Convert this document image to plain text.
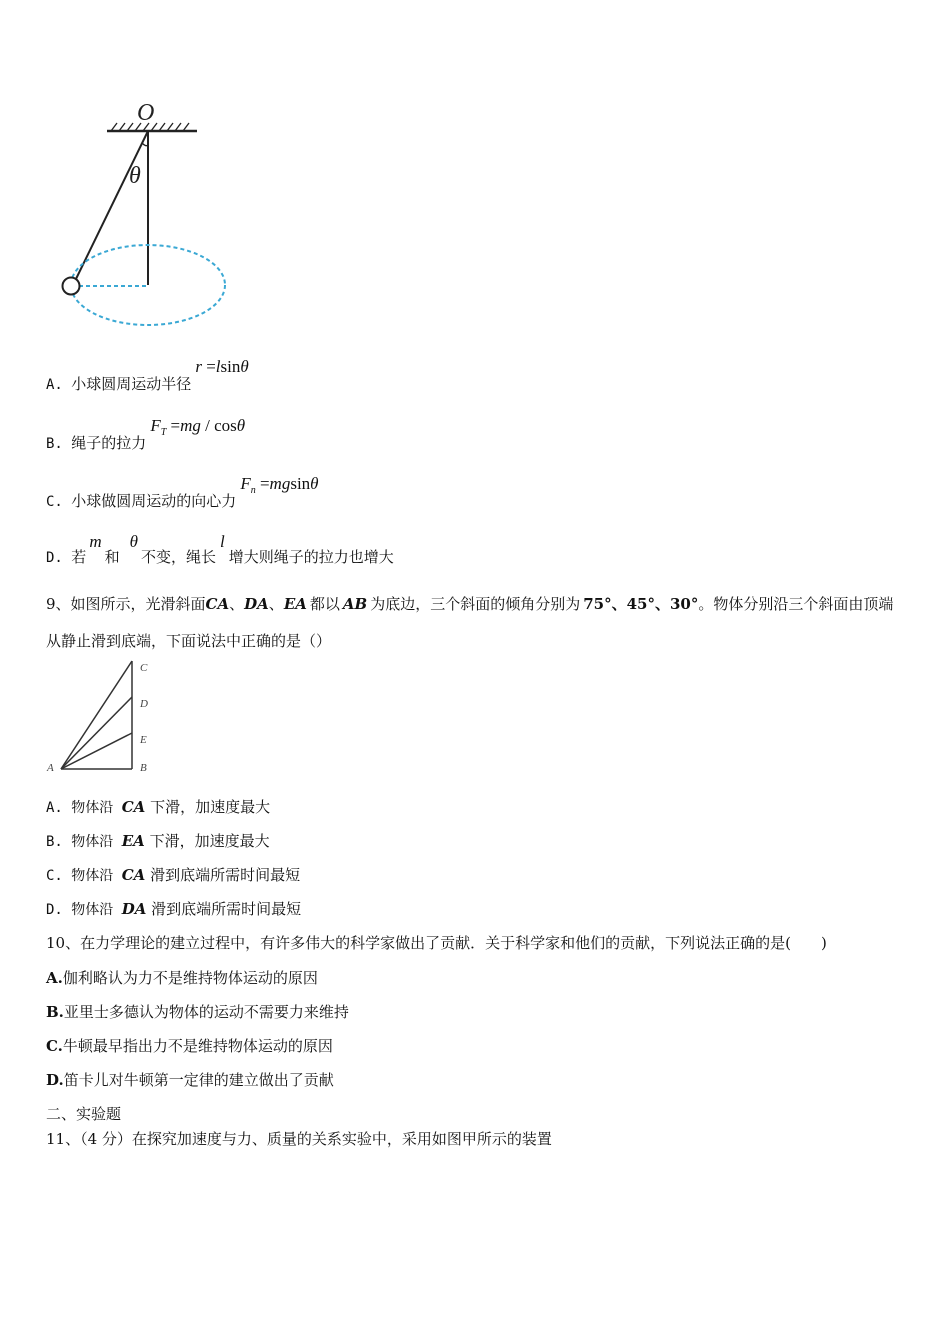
O
θ
A. 小球圆周运动半径r =lsinθ
B. 绳子的拉力$F_T =mg / \cos\theta$
C. 小球做圆周运动的向心力$F_n =mgsin\theta$
D. 若m和θ不变，绳长l增大则绳子的拉力也增大
9、如图所示，光滑斜面CA、DA、EA 都以 AB 为底边，三个斜面的倾角分别为 75°、45°、30°。物体分别沿三个斜面由顶端
从静止滑到底端，下面说法中正确的是（）
C
D
E
A	B
A. 物体沿 CA 下滑，加速度最大
B. 物体沿 EA 下滑，加速度最大
C. 物体沿 CA 滑到底端所需时间最短
D. 物体沿 DA 滑到底端所需时间最短
10、在力学理论的建立过程中，有许多伟大的科学家做出了贡献．关于科学家和他们的贡献，下列说法正确的是(　　)
A.伽利略认为力不是维持物体运动的原因
B.亚里士多德认为物体的运动不需要力来维持
C.牛顿最早指出力不是维持物体运动的原因
D.笛卡儿对牛顿第一定律的建立做出了贡献
二、实验题
11、（4 分）在探究加速度与力、质量的关系实验中，采用如图甲所示的装置
